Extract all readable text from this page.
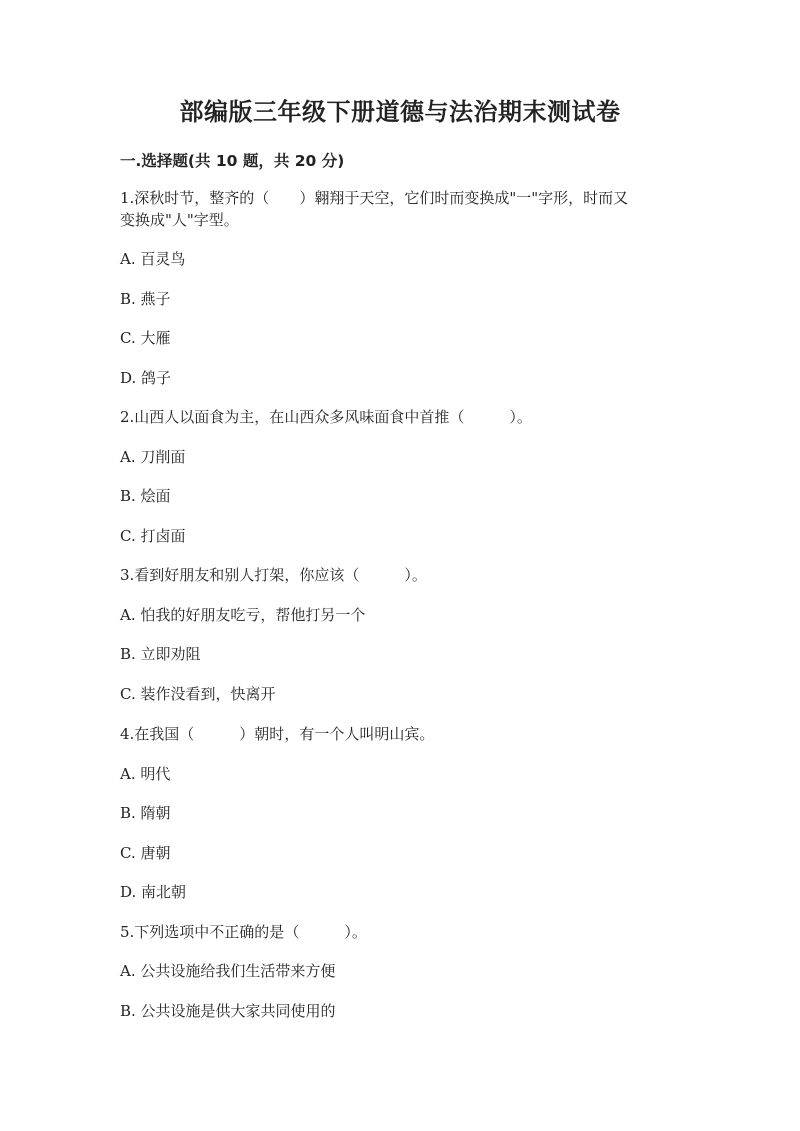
部编版三年级下册道德与法治期末测试卷
一.选择题(共 10 题，共 20 分)
1.深秋时节，整齐的（　　）翱翔于天空，它们时而变换成"一"字形，时而又
变换成"人"字型。
A. 百灵鸟
B. 燕子
C. 大雁
D. 鸽子
2.山西人以面食为主，在山西众多风味面食中首推（　　　）。
A. 刀削面
B. 烩面
C. 打卤面
3.看到好朋友和别人打架，你应该（　　　）。
A. 怕我的好朋友吃亏，帮他打另一个
B. 立即劝阻
C. 装作没看到，快离开
4.在我国（　　　）朝时，有一个人叫明山宾。
A. 明代
B. 隋朝
C. 唐朝
D. 南北朝
5.下列选项中不正确的是（　　　）。
A. 公共设施给我们生活带来方便
B. 公共设施是供大家共同使用的
